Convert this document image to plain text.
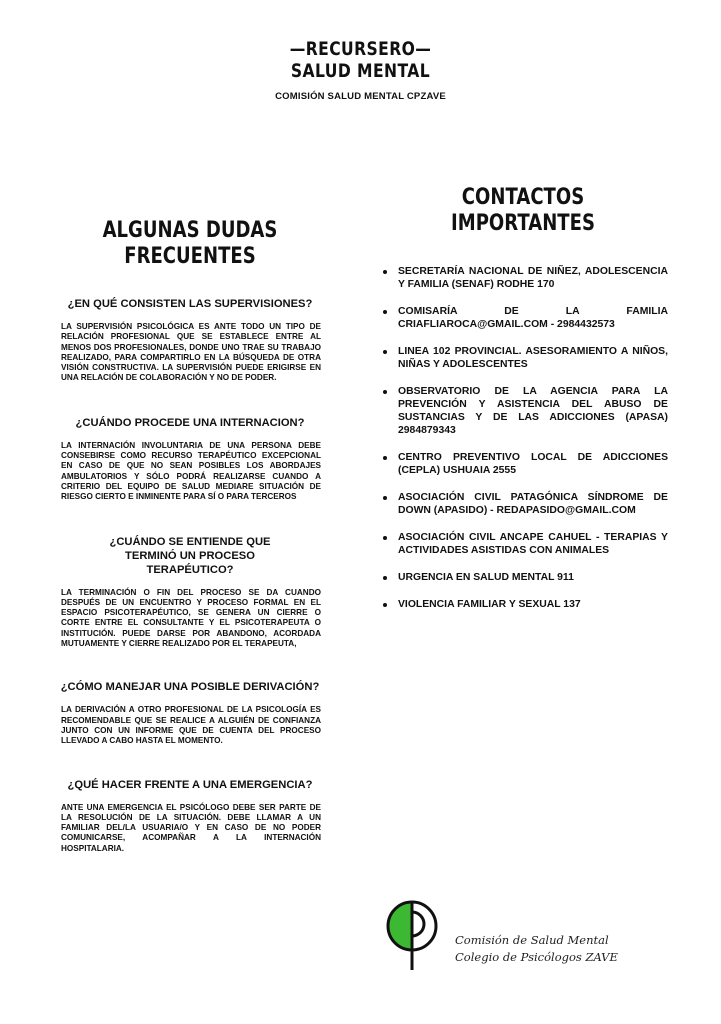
—RECURSERO—
SALUD MENTAL
COMISIÓN SALUD MENTAL CPZAVE
ALGUNAS DUDAS
FRECUENTES
¿EN QUÉ CONSISTEN LAS SUPERVISIONES?
LA SUPERVISIÓN PSICOLÓGICA ES ANTE TODO UN TIPO DE RELACIÓN PROFESIONAL QUE SE ESTABLECE ENTRE AL MENOS DOS PROFESIONALES, DONDE UNO TRAE SU TRABAJO REALIZADO, PARA COMPARTIRLO EN LA BÚSQUEDA DE OTRA VISIÓN CONSTRUCTIVA. LA SUPERVISIÓN PUEDE ERIGIRSE EN UNA RELACIÓN DE COLABORACIÓN Y NO DE PODER.
¿CUÁNDO PROCEDE UNA INTERNACION?
LA INTERNACIÓN INVOLUNTARIA DE UNA PERSONA DEBE CONSEBIRSE COMO RECURSO TERAPÉUTICO EXCEPCIONAL EN CASO DE QUE NO SEAN POSIBLES LOS ABORDAJES AMBULATORIOS Y SÓLO PODRÁ REALIZARSE CUANDO A CRITERIO DEL EQUIPO DE SALUD MEDIARE SITUACIÓN DE RIESGO CIERTO E INMINENTE PARA SÍ O PARA TERCEROS
¿CUÁNDO SE ENTIENDE QUE TERMINÓ UN PROCESO TERAPÉUTICO?
LA TERMINACIÓN O FIN DEL PROCESO SE DA CUANDO DESPUÉS DE UN ENCUENTRO Y PROCESO FORMAL EN EL ESPACIO PSICOTERAPÉUTICO, SE GENERA UN CIERRE O CORTE ENTRE EL CONSULTANTE Y EL PSICOTERAPEUTA O INSTITUCIÓN. PUEDE DARSE POR ABANDONO, ACORDADA MUTUAMENTE Y CIERRE REALIZADO POR EL TERAPEUTA,
¿CÓMO MANEJAR UNA POSIBLE DERIVACIÓN?
LA DERIVACIÓN A OTRO PROFESIONAL DE LA PSICOLOGÍA ES RECOMENDABLE QUE SE REALICE A ALGUIÉN DE CONFIANZA JUNTO CON UN INFORME QUE DE CUENTA DEL PROCESO LLEVADO A CABO HASTA EL MOMENTO.
¿QUÉ HACER FRENTE A UNA EMERGENCIA?
ANTE UNA EMERGENCIA EL PSICÓLOGO DEBE SER PARTE DE LA RESOLUCIÓN DE LA SITUACIÓN. DEBE LLAMAR A UN FAMILIAR DEL/LA USUARIA/O Y EN CASO DE NO PODER COMUNICARSE, ACOMPAÑAR A LA INTERNACIÓN HOSPITALARIA.
CONTACTOS
IMPORTANTES
SECRETARÍA NACIONAL DE NIÑEZ, ADOLESCENCIA Y FAMILIA (SENAF) RODHE 170
COMISARÍA DE LA FAMILIA CRIAFLIAROCA@GMAIL.COM - 2984432573
LINEA 102 PROVINCIAL. ASESORAMIENTO A NIÑOS, NIÑAS Y ADOLESCENTES
OBSERVATORIO DE LA AGENCIA PARA LA PREVENCIÓN Y ASISTENCIA DEL ABUSO DE SUSTANCIAS Y DE LAS ADICCIONES (APASA) 2984879343
CENTRO PREVENTIVO LOCAL DE ADICCIONES (CEPLA) USHUAIA 2555
ASOCIACIÓN CIVIL PATAGÓNICA SÍNDROME DE DOWN (APASIDO) - REDAPASIDO@GMAIL.COM
ASOCIACIÓN CIVIL ANCAPE CAHUEL - TERAPIAS Y ACTIVIDADES ASISTIDAS CON ANIMALES
URGENCIA EN SALUD MENTAL 911
VIOLENCIA FAMILIAR Y SEXUAL 137
Comisión de Salud Mental
Colegio de Psicólogos ZAVE
